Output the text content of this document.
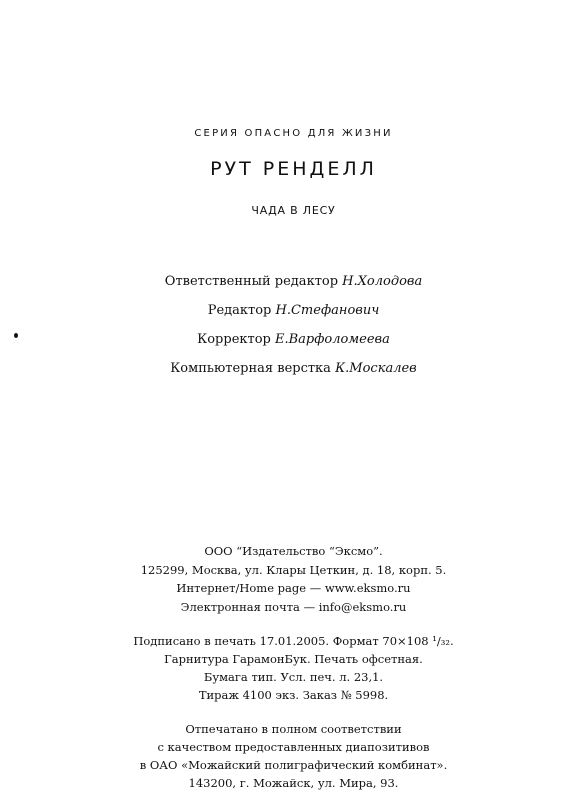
СЕРИЯ ОПАСНО ДЛЯ ЖИЗНИ
РУТ РЕНДЕЛЛ
ЧАДА В ЛЕСУ
Ответственный редактор Н.Холодова
Редактор Н.Стефанович
Корректор Е.Варфоломеева
Компьютерная верстка К.Москалев
ООО “Издательство “Эксмо”.
125299, Москва, ул. Клары Цеткин, д. 18, корп. 5.
Интернет/Home page — www.eksmo.ru
Электронная почта — info@eksmo.ru
Подписано в печать 17.01.2005. Формат 70×108 ¹/₃₂.
Гарнитура ГарамонБук. Печать офсетная.
Бумага тип. Усл. печ. л. 23,1.
Тираж 4100 экз. Заказ № 5998.
Отпечатано в полном соответствии
с качеством предоставленных диапозитивов
в ОАО «Можайский полиграфический комбинат».
143200, г. Можайск, ул. Мира, 93.
